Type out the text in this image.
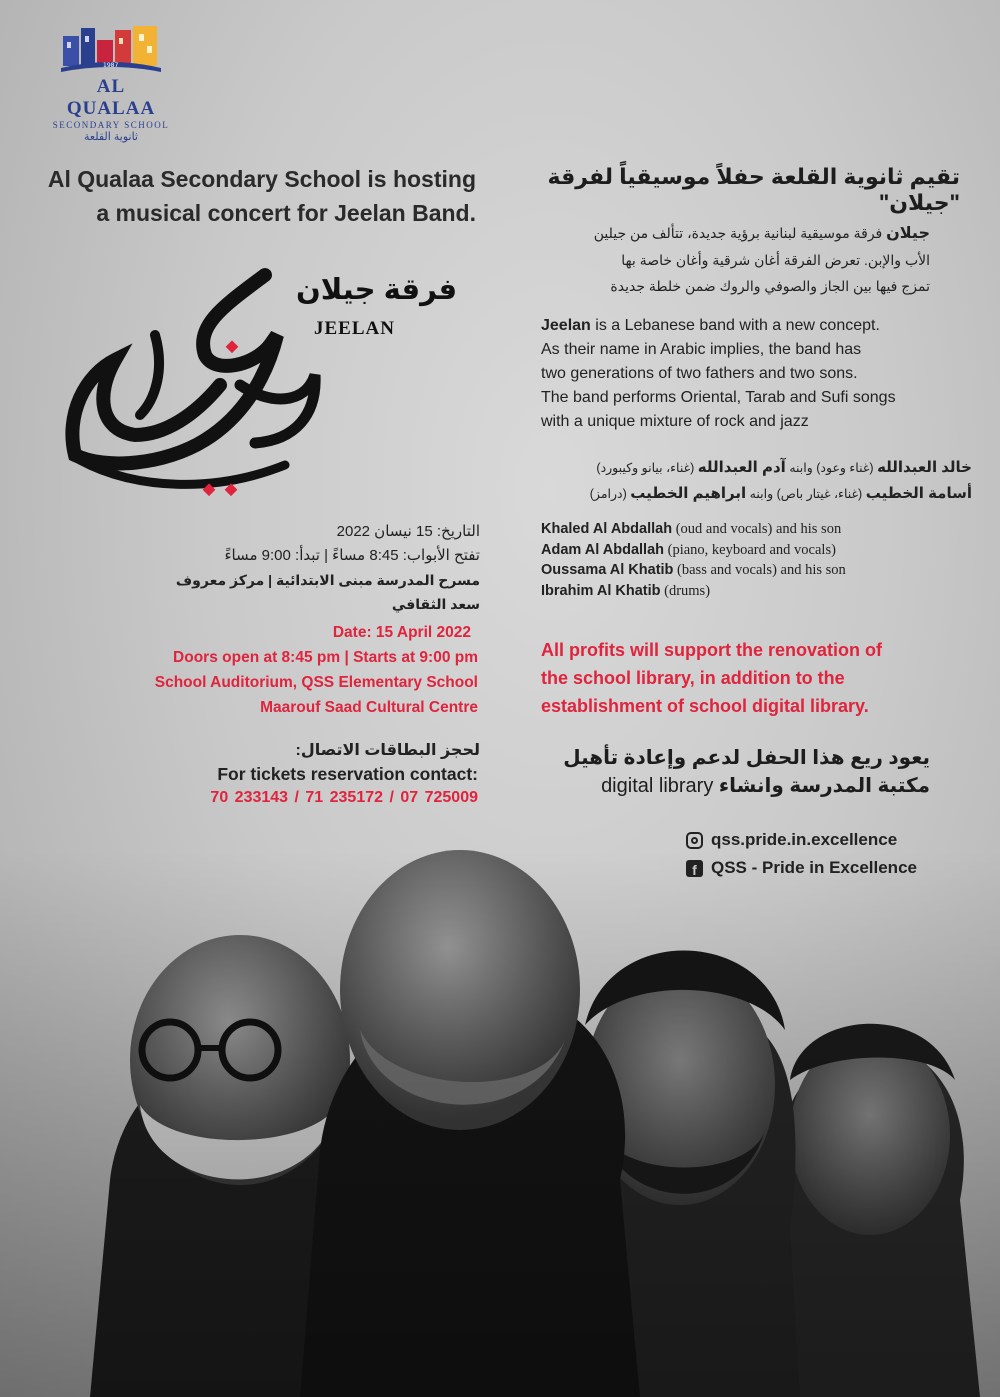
1987
AL QUALAA
SECONDARY SCHOOL
ثانوية القلعة
Al Qualaa Secondary School is hosting
a musical concert for Jeelan Band.
تقيم ثانوية القلعة حفلاً موسيقياً لفرقة "جيلان"
فرقة جيلان
JEELAN
جيلان فرقة موسيقية لبنانية برؤية جديدة، تتألف من جيلين
الأب والإبن. تعرض الفرقة أغان شرقية وأغان خاصة بها
تمزج فيها بين الجاز والصوفي والروك ضمن خلطة جديدة
Jeelan is a Lebanese band with a new concept.
As their name in Arabic implies, the band has
two generations of two fathers and two sons.
The band performs Oriental, Tarab and Sufi songs
with a unique mixture of rock and jazz
خالد العبدالله (غناء وعود) وابنه آدم العبدالله (غناء، بيانو وكيبورد)
أسامة الخطيب (غناء، غيتار باص) وابنه ابراهيم الخطيب (درامز)
Khaled Al Abdallah (oud and vocals) and his son
Adam Al Abdallah (piano, keyboard and vocals)
Oussama Al Khatib (bass and vocals) and his son
Ibrahim Al Khatib (drums)
All profits will support the renovation of
the school library, in addition to the
establishment of school digital library.
التاريخ: 15 نيسان 2022
تفتح الأبواب: 8:45 مساءً | تبدأ: 9:00 مساءً
مسرح المدرسة مبنى الابتدائية | مركز معروف سعد الثقافي
Date: 15 April 2022
Doors open at 8:45 pm | Starts at 9:00 pm
School Auditorium, QSS Elementary School
Maarouf Saad Cultural Centre
لحجز البطاقات الاتصال:
For tickets reservation contact:
70 233143 / 71 235172 / 07 725009
يعود ريع هذا الحفل لدعم وإعادة تأهيل
مكتبة المدرسة وانشاء digital library
qss.pride.in.excellence
